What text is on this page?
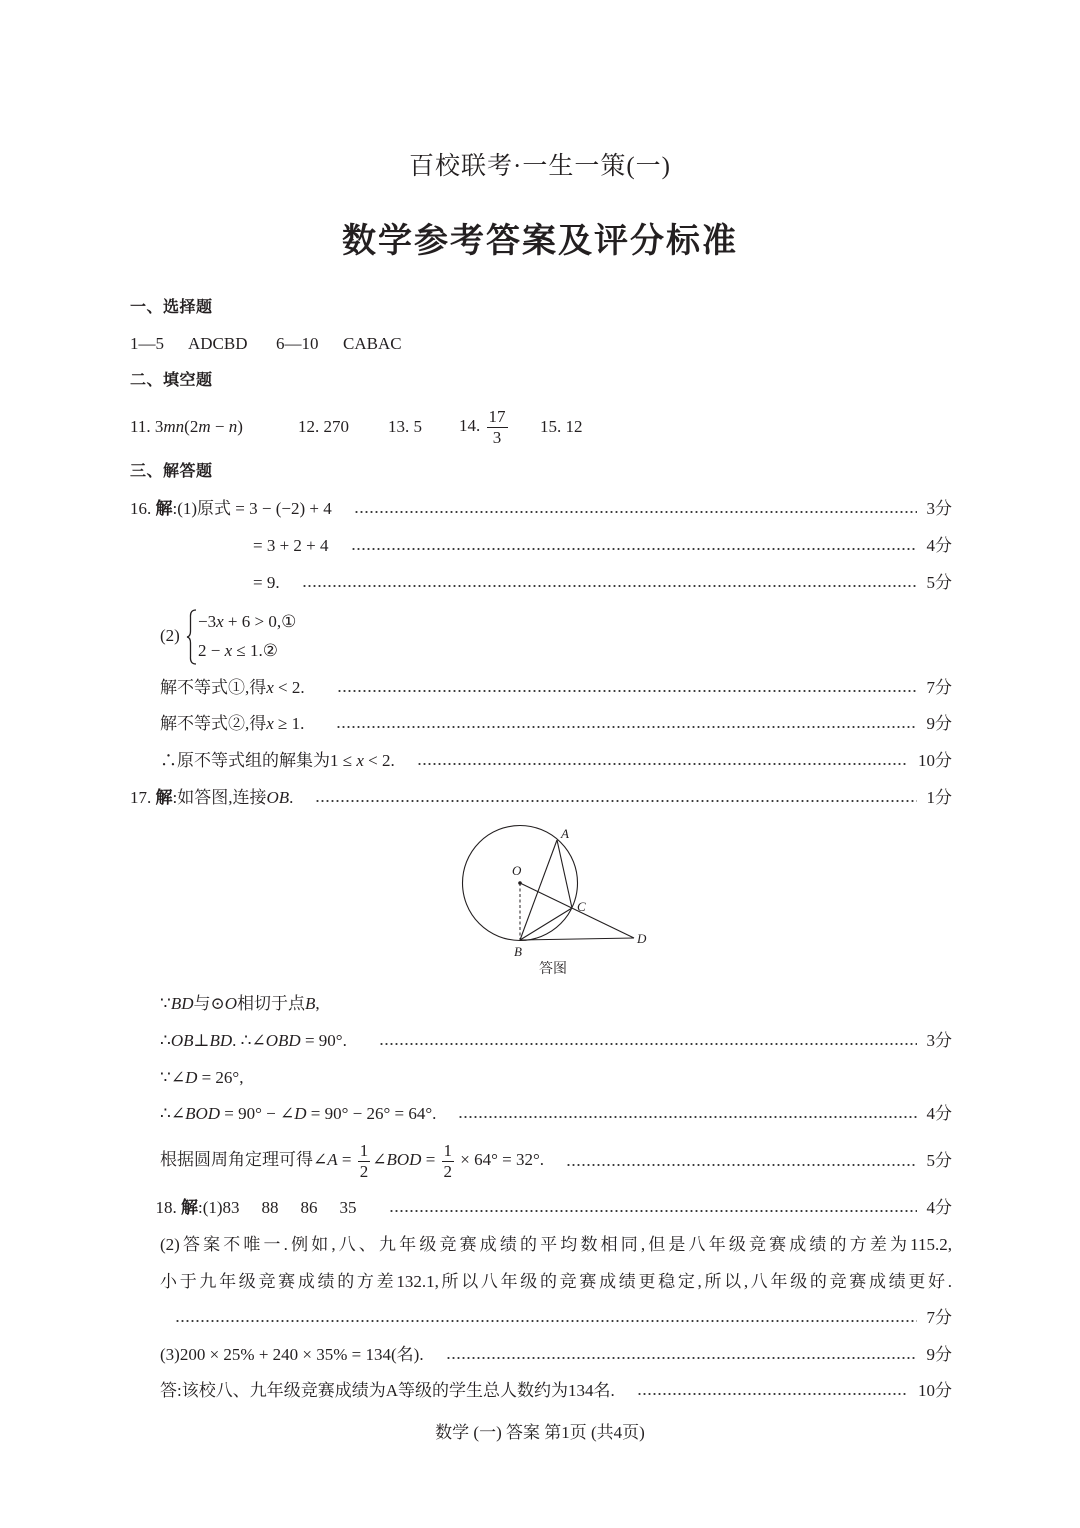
百校联考·一生一策(一)
数学参考答案及评分标准
一、选择题
1—5 ADCBD 6—10 CABAC
二、填空题
11. 3mn(2m − n)	12. 270 13. 5 14. $\frac{17}{3} 15$. 12
三、解答题
16. 解:(1)原式 = 3 − (−2) + 4	3分
= 3 + 2 + 4	4分
= 9.	5分
(2)
−3x + 6 > 0,①
2 − x ≤ 1.②
解不等式①,得x < 2.	7分
解不等式②,得x ≥ 1.	9分
∴原不等式组的解集为1 ≤ x < 2.	10分
17. 解:如答图,连接OB.	1分
A
O
C
B
D
答图
∵BD与⊙O相切于点B,
∴OB⊥BD. ∴∠OBD = 90°.	3分
∵∠D = 26°,
∴∠BOD = 90° − ∠D = 90° − 26° = 64°.	4分
根据圆周角定理可得∠A = $\frac{1}{2}$ ∠BOD = $\frac{1}{2} \times 64^\circ = 32^\circ$.	5分

18. 解:(1)83 88 86 35
	4分
(2)答案不唯一.例如,八、九年级竞赛成绩的平均数相同,但是八年级竞赛成绩的方差为115.2,
小于九年级竞赛成绩的方差132.1,所以八年级的竞赛成绩更稳定,所以,八年级的竞赛成绩更好.
7分
(3)200 × 25% + 240 × 35% = 134(名).	9分
答:该校八、九年级竞赛成绩为A等级的学生总人数约为134名.	10分
数学 (一) 答案 第1页 (共4页)
